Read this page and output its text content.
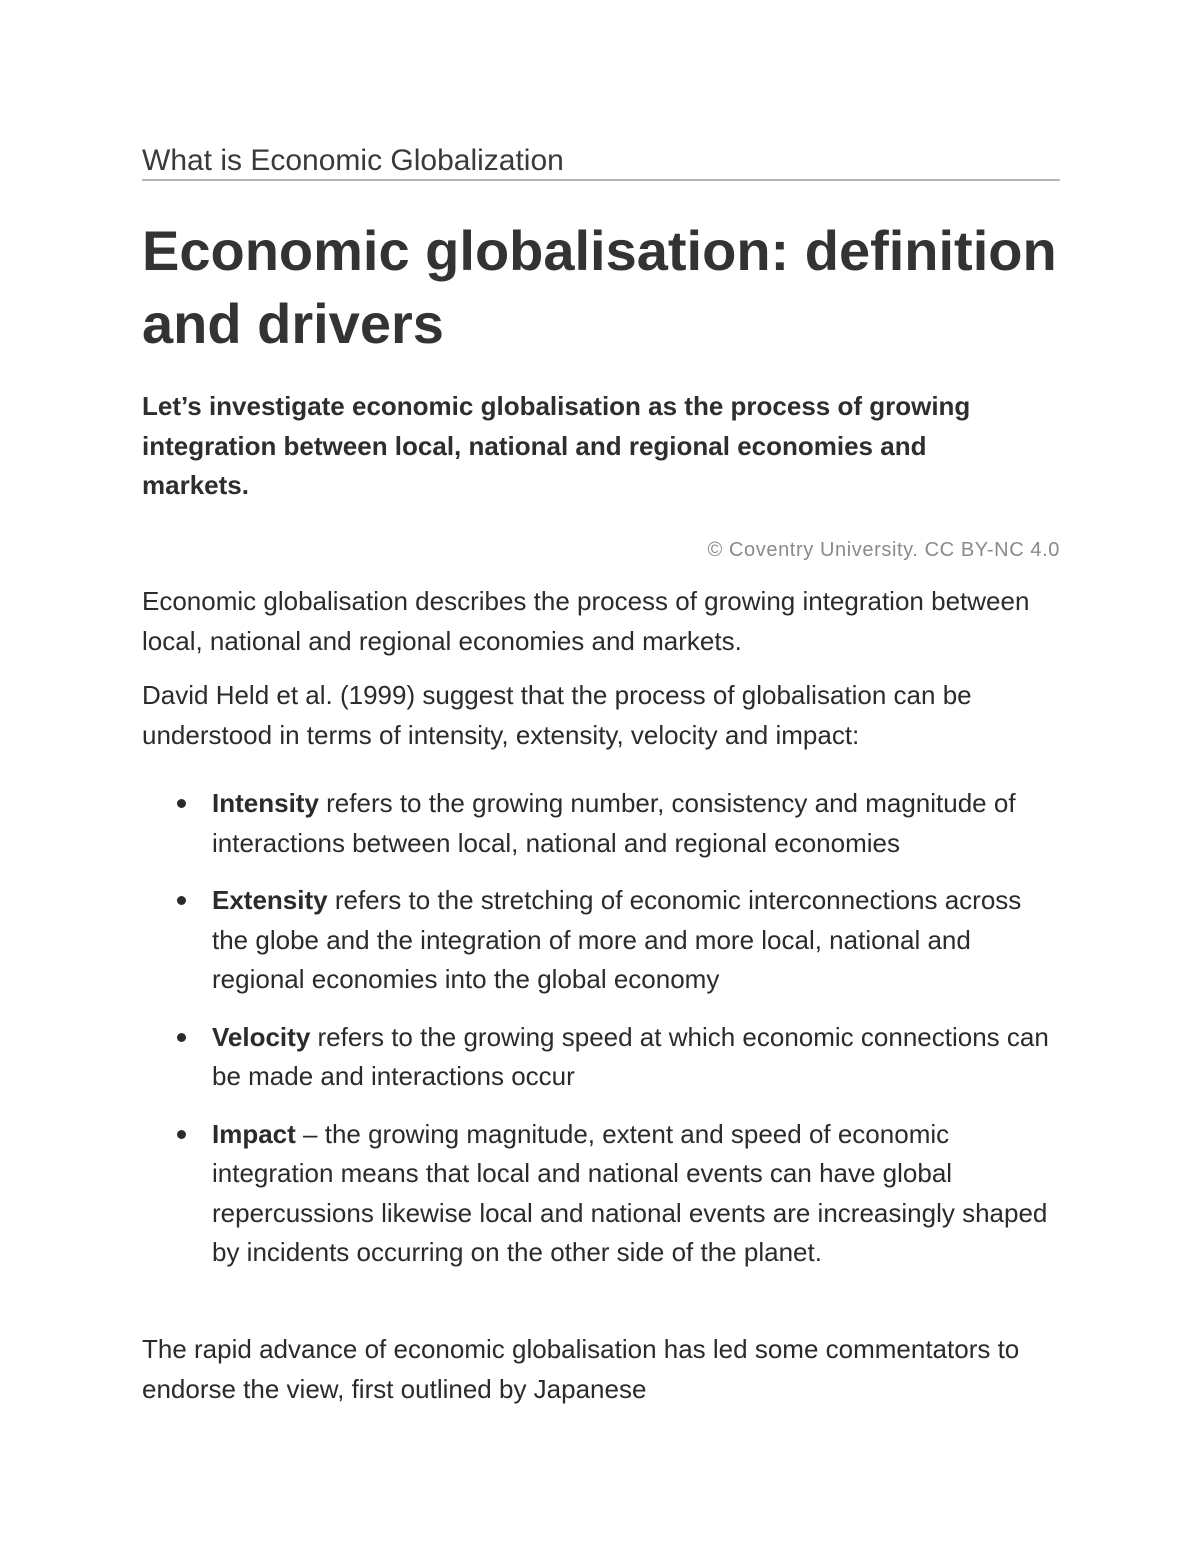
What is Economic Globalization
Economic globalisation: definition and drivers

Let’s investigate economic globalisation as the process of growing integration between local, national and regional economies and markets.

© Coventry University. CC BY-NC 4.0

Economic globalisation describes the process of growing integration between local, national and regional economies and markets.

David Held et al. (1999) suggest that the process of globalisation can be understood in terms of intensity, extensity, velocity and impact:

Intensity refers to the growing number, consistency and magnitude of interactions between local, national and regional economies
Extensity refers to the stretching of economic interconnections across the globe and the integration of more and more local, national and regional economies into the global economy
Velocity refers to the growing speed at which economic connections can be made and interactions occur
Impact – the growing magnitude, extent and speed of economic integration means that local and national events can have global repercussions likewise local and national events are increasingly shaped by incidents occurring on the other side of the planet.

The rapid advance of economic globalisation has led some commentators to endorse the view, first outlined by Japanese
